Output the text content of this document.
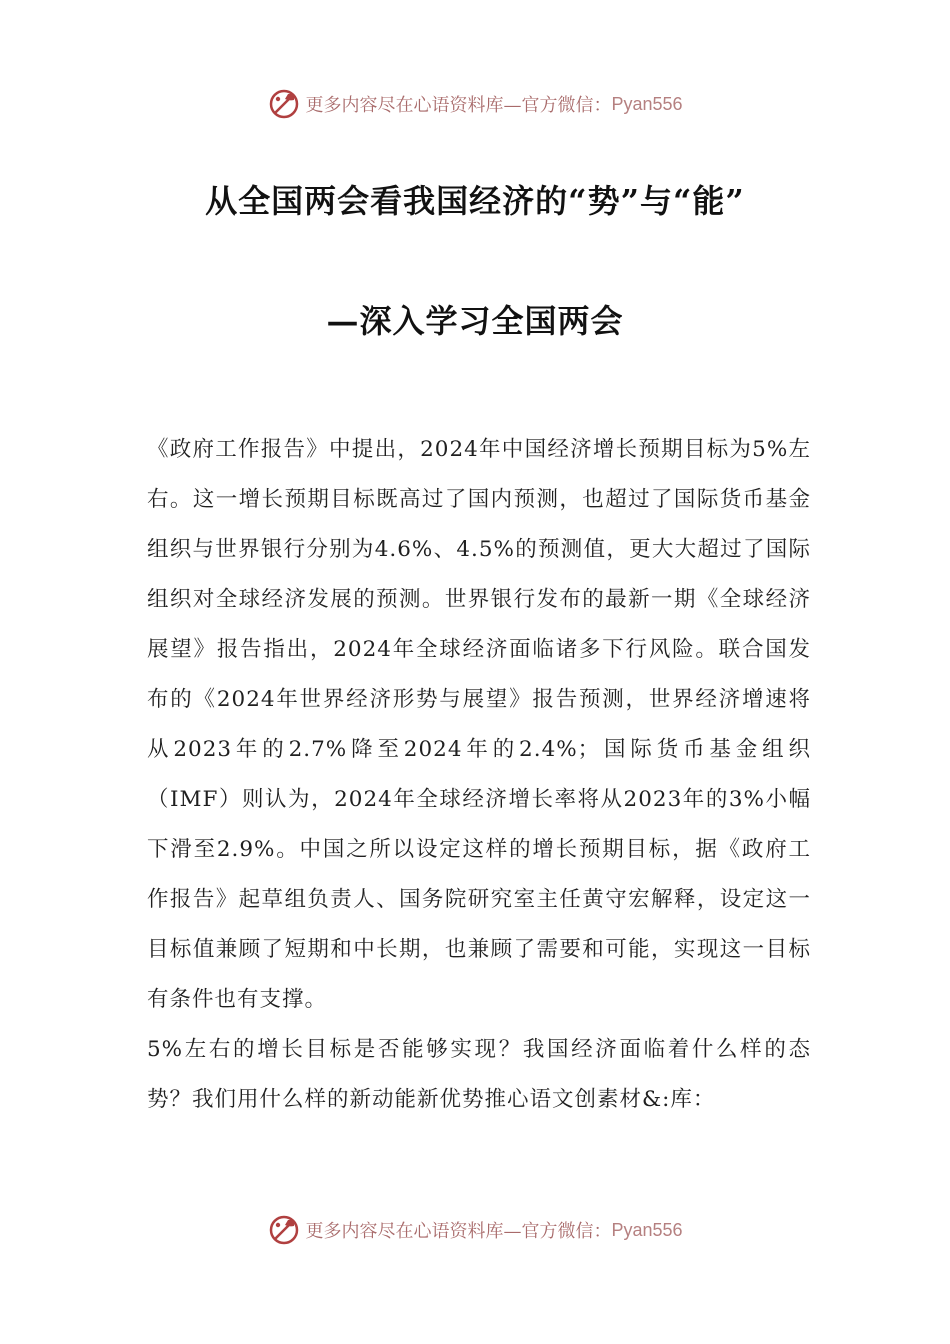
更多内容尽在心语资料库—官方微信： Pyan556
从全国两会看我国经济的“势”与“能”
—深入学习全国两会

《政府工作报告》中提出，2024年中国经济增长预期目标为5%左右。这一增长预期目标既高过了国内预测，也超过了国际货币基金组织与世界银行分别为4.6%、4.5%的预测值，更大大超过了国际组织对全球经济发展的预测。世界银行发布的最新一期《全球经济展望》报告指出，2024年全球经济面临诸多下行风险。联合国发布的《2024年世界经济形势与展望》报告预测，世界经济增速将从2023年的2.7%降至2024年的2.4%；国际货币基金组织（IMF）则认为，2024年全球经济增长率将从2023年的3%小幅下滑至2.9%。中国之所以设定这样的增长预期目标，据《政府工作报告》起草组负责人、国务院研究室主任黄守宏解释，设定这一目标值兼顾了短期和中长期，也兼顾了需要和可能，实现这一目标有条件也有支撑。

5%左右的增长目标是否能够实现？我国经济面临着什么样的态势？我们用什么样的新动能新优势推心语文创素材&:库：

更多内容尽在心语资料库—官方微信： Pyan556
